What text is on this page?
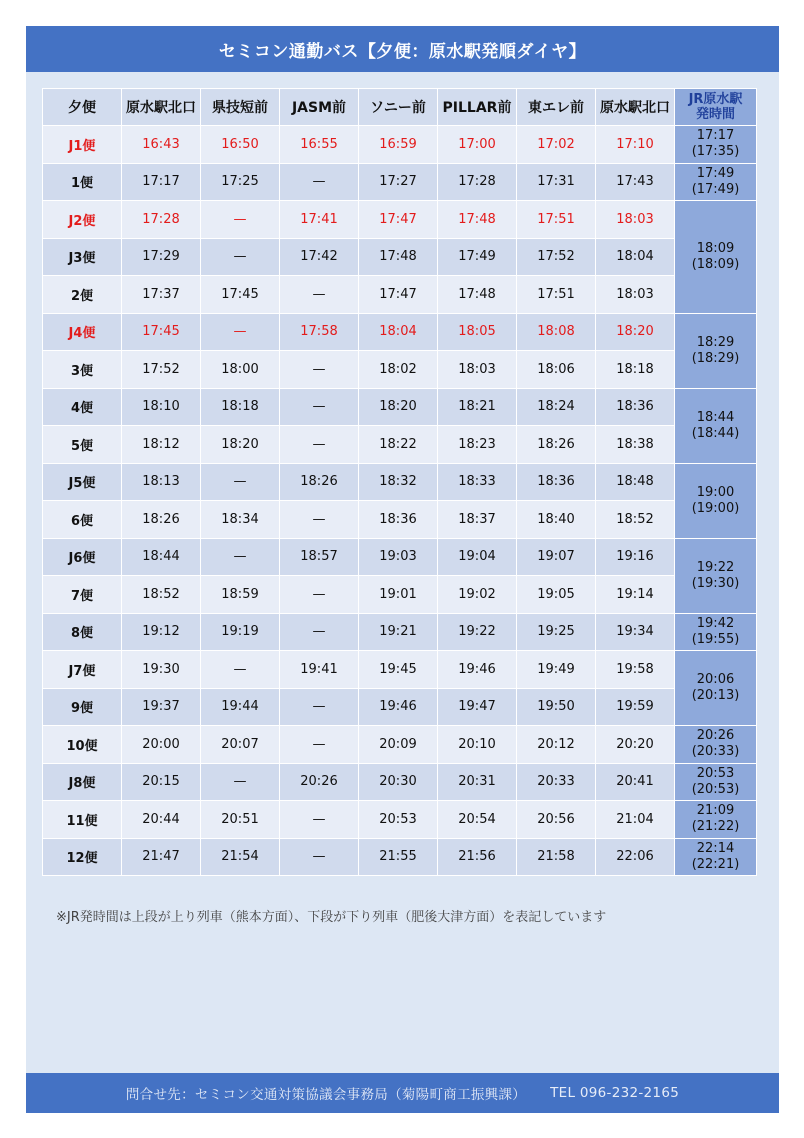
セミコン通勤バス【夕便：原水駅発順ダイヤ】
夕便	原水駅北口	県技短前	JASM前	ソニー前	PILLAR前	東エレ前	原水駅北口	JR原水駅
発時間

J1便	16:43	16:50	16:55	16:59	17:00	17:02	17:10	17:17
(17:35)

1便	17:17	17:25	—	17:27	17:28	17:31	17:43	17:49
(17:49)

J2便	17:28	—	17:41	17:47	17:48	17:51	18:03	18:09
(18:09)

J3便	17:29	—	17:42	17:48	17:49	17:52	18:04	
2便	17:37	17:45	—	17:47	17:48	17:51	18:03	
J4便	17:45	—	17:58	18:04	18:05	18:08	18:20	18:29
(18:29)

3便	17:52	18:00	—	18:02	18:03	18:06	18:18	
4便	18:10	18:18	—	18:20	18:21	18:24	18:36	18:44
(18:44)

5便	18:12	18:20	—	18:22	18:23	18:26	18:38	
J5便	18:13	—	18:26	18:32	18:33	18:36	18:48	19:00
(19:00)

6便	18:26	18:34	—	18:36	18:37	18:40	18:52	
J6便	18:44	—	18:57	19:03	19:04	19:07	19:16	19:22
(19:30)

7便	18:52	18:59	—	19:01	19:02	19:05	19:14	
8便	19:12	19:19	—	19:21	19:22	19:25	19:34	19:42
(19:55)

J7便	19:30	—	19:41	19:45	19:46	19:49	19:58	20:06
(20:13)

9便	19:37	19:44	—	19:46	19:47	19:50	19:59	
10便	20:00	20:07	—	20:09	20:10	20:12	20:20	20:26
(20:33)

J8便	20:15	—	20:26	20:30	20:31	20:33	20:41	20:53
(20:53)

11便	20:44	20:51	—	20:53	20:54	20:56	21:04	21:09
(21:22)

12便	21:47	21:54	—	21:55	21:56	21:58	22:06	22:14
(22:21)
※JR発時間は上段が上り列車（熊本方面）、下段が下り列車（肥後大津方面）を表記しています
問合せ先：セミコン交通対策協議会事務局（菊陽町商工振興課） TEL 096-232-2165
